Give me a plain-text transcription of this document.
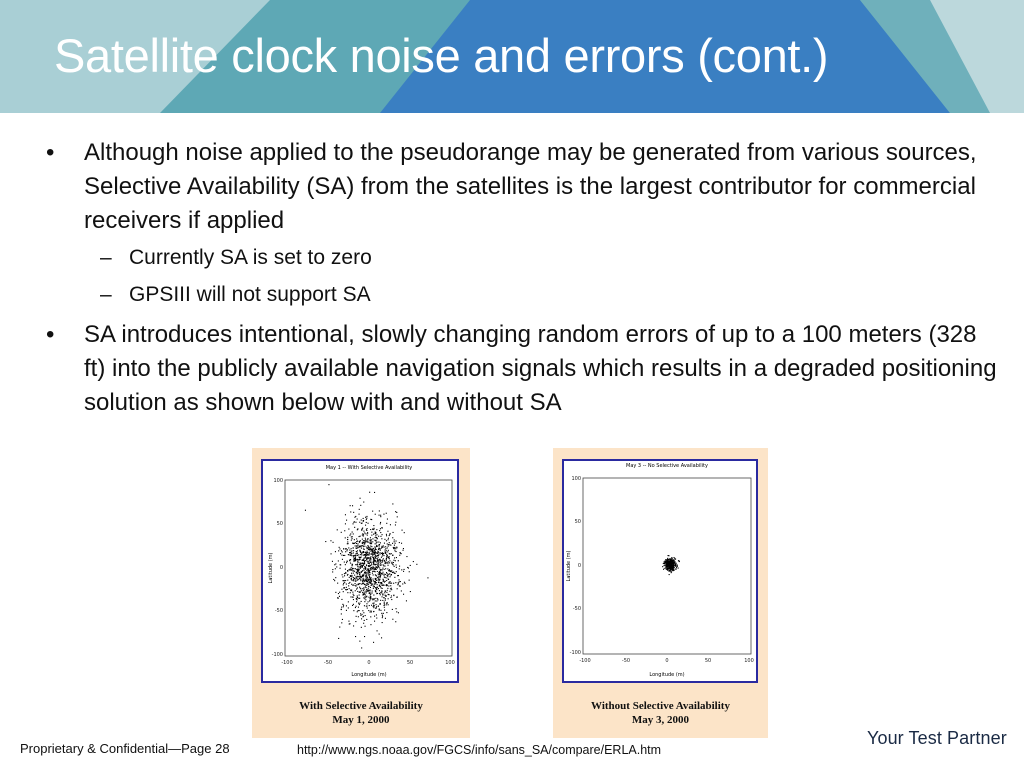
Satellite clock noise and errors (cont.)
• Although noise applied to the pseudorange may be generated from various sources, Selective Availability (SA) from the satellites is the largest contributor for commercial receivers if applied
– Currently SA is set to zero
– GPSIII will not support SA
• SA introduces intentional, slowly changing random errors of up to a 100 meters (328 ft) into the publicly available navigation signals which results in a degraded positioning solution as shown below with and without SA
May 1 -- With Selective Availability
100
50
0
-50
-100
-100	-50	0	50	100
Longitude (m)
Latitude (m)
With Selective Availability
May 1, 2000
May 3 -- No Selective Availability
100
50
0
-50
-100
-100	-50	0	50	100
Longitude (m)
Latitude (m)
Without Selective Availability
May 3, 2000
Proprietary & Confidential—Page 28	http://www.ngs.noaa.gov/FGCS/info/sans_SA/compare/ERLA.htm
Your Test Partner
